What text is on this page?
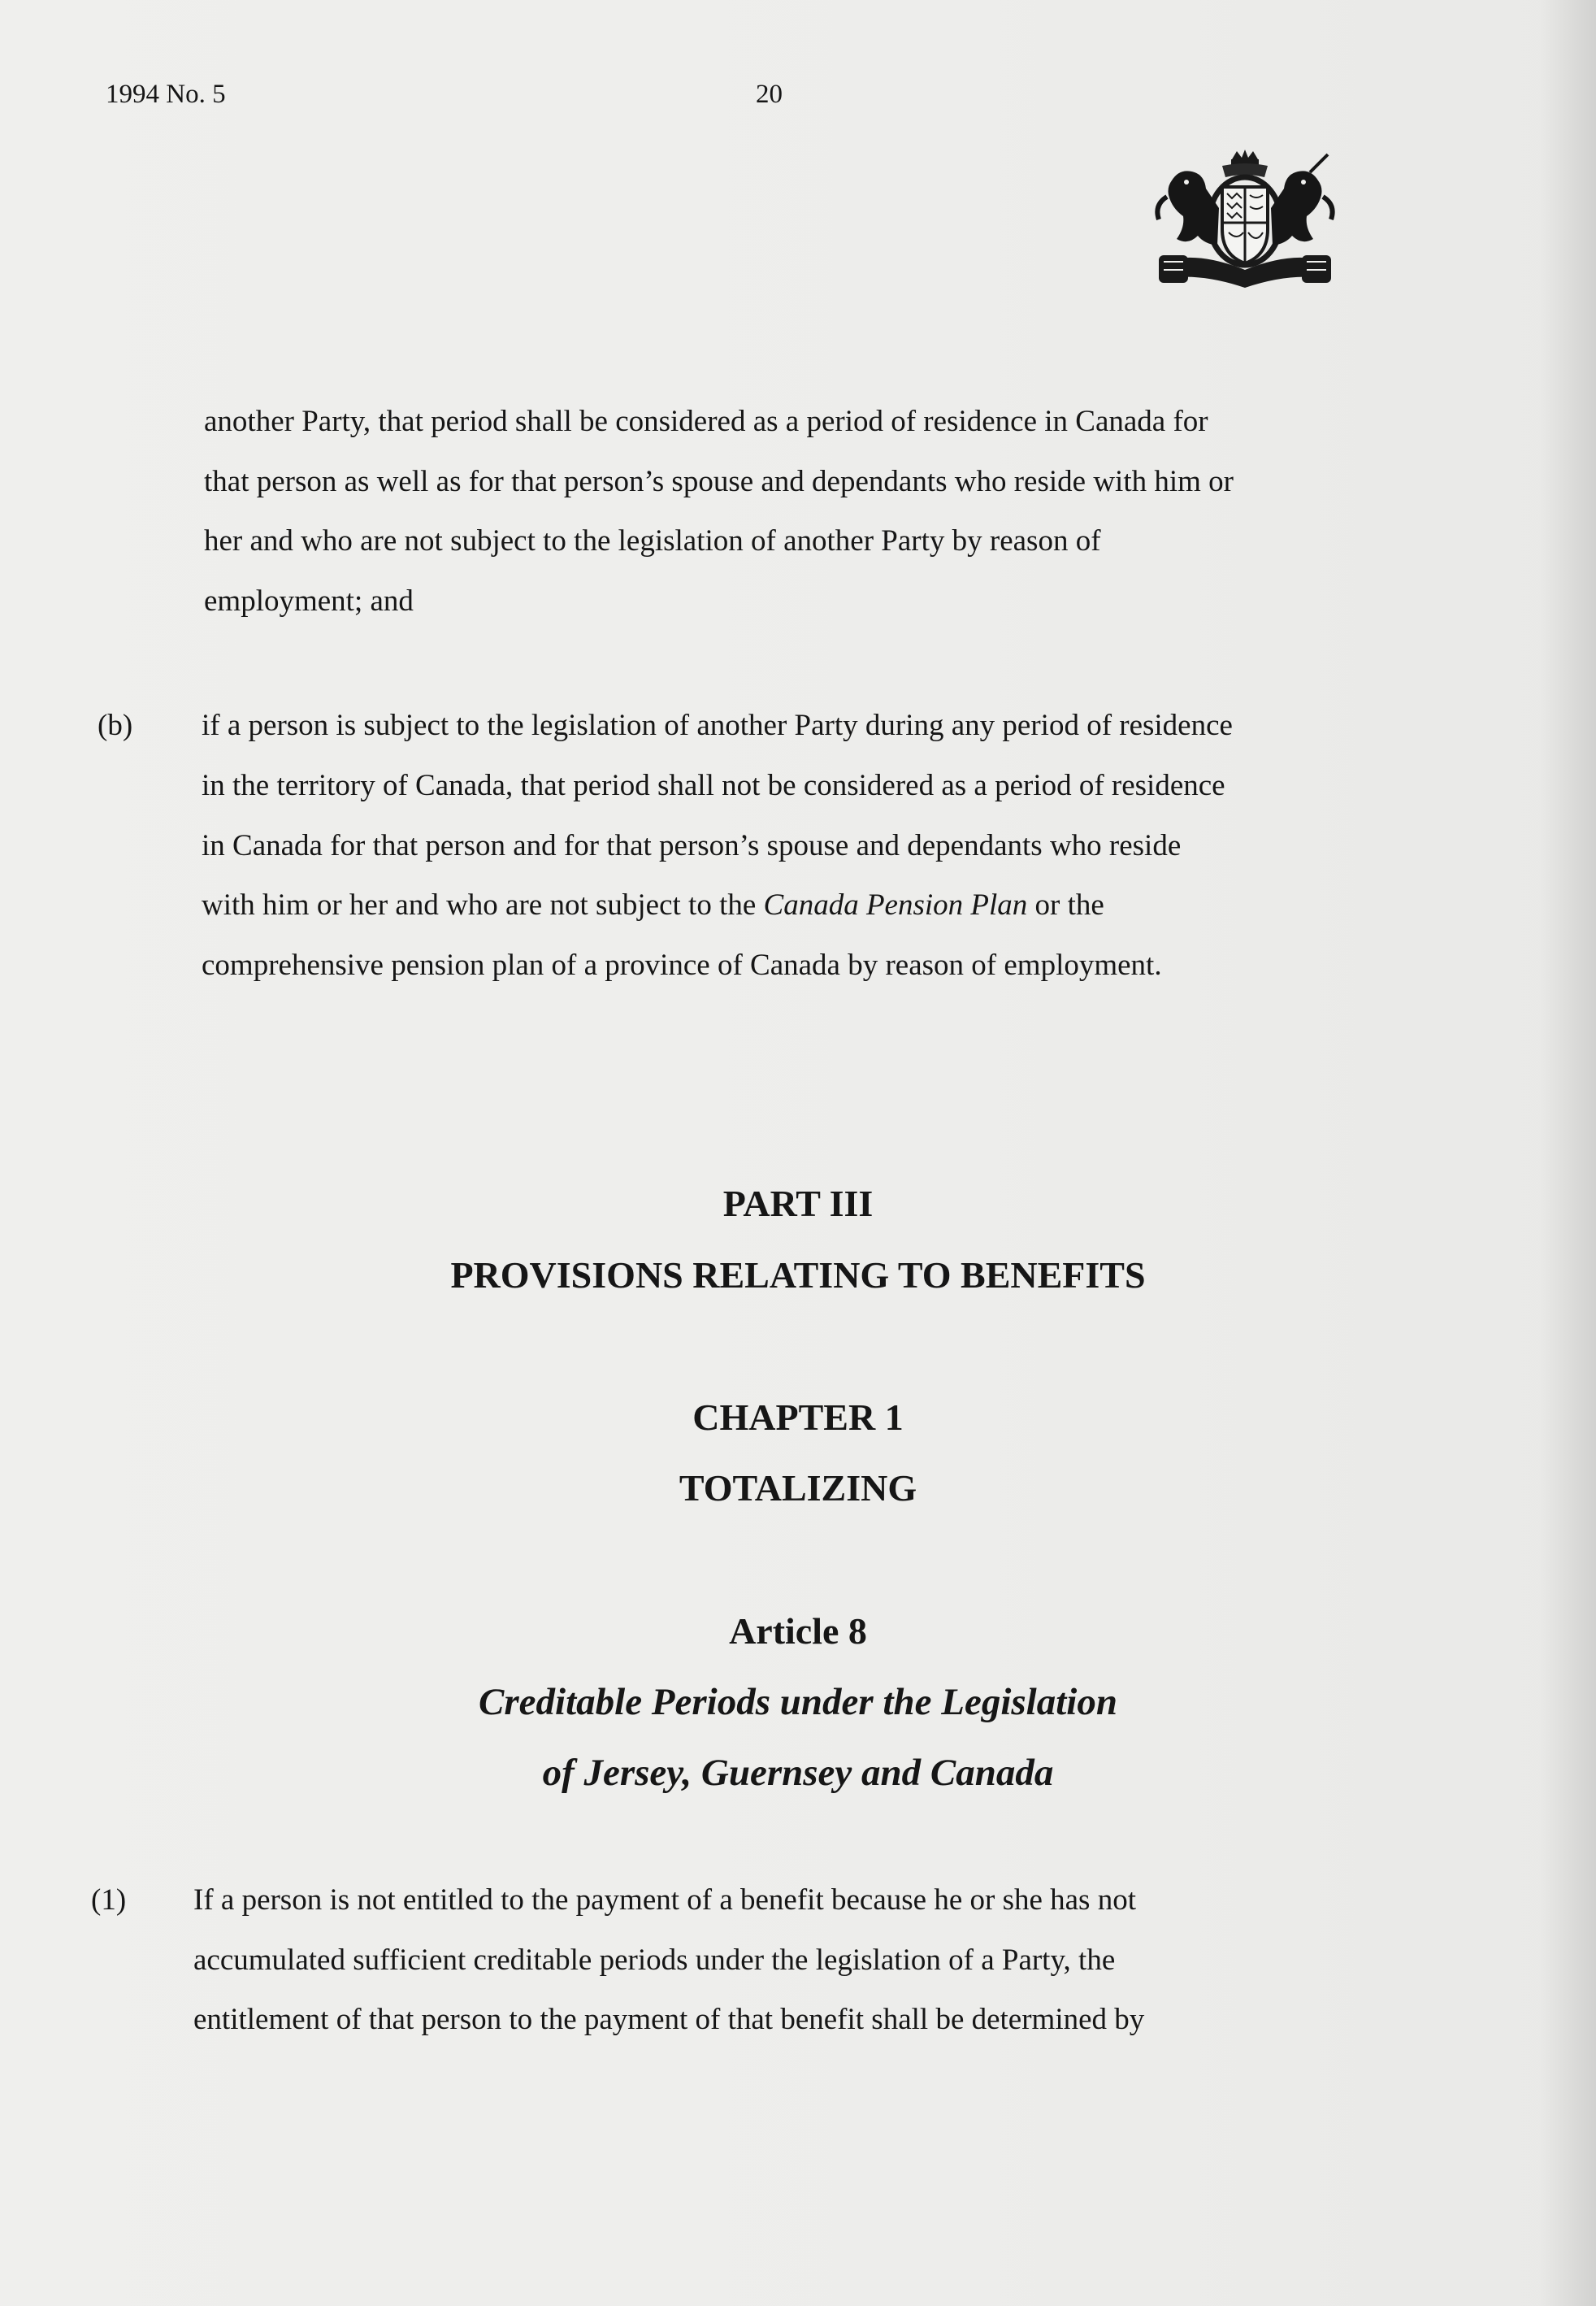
1994 No. 5	20
another Party, that period shall be considered as a period of residence in Canada for
that person as well as for that person’s spouse and dependants who reside with him or
her and who are not subject to the legislation of another Party by reason of
employment; and
(b) if a person is subject to the legislation of another Party during any period of residence
in the territory of Canada, that period shall not be considered as a period of residence
in Canada for that person and for that person’s spouse and dependants who reside
with him or her and who are not subject to the Canada Pension Plan or the
comprehensive pension plan of a province of Canada by reason of employment.
PART III
PROVISIONS RELATING TO BENEFITS
CHAPTER 1
TOTALIZING
Article 8
Creditable Periods under the Legislation
of Jersey, Guernsey and Canada
(1) If a person is not entitled to the payment of a benefit because he or she has not
accumulated sufficient creditable periods under the legislation of a Party, the
entitlement of that person to the payment of that benefit shall be determined by
